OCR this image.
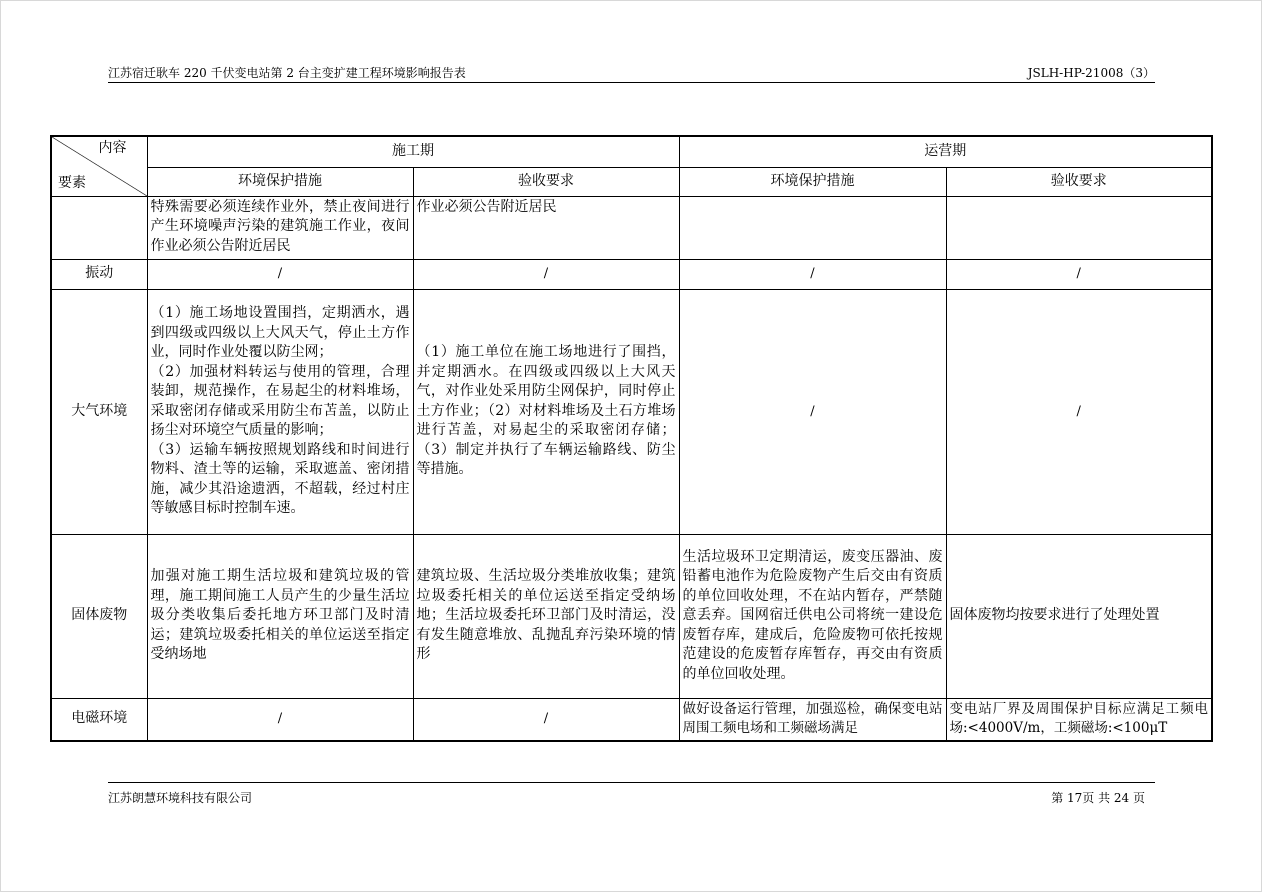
江苏宿迁耿车 220 千伏变电站第 2 台主变扩建工程环境影响报告表	JSLH-HP-21008（3）
内容
要素	施工期		运营期	
	环境保护措施	验收要求	环境保护措施	验收要求
	特殊需要必须连续作业外，禁止夜间进行产生环境噪声污染的建筑施工作业，夜间作业必须公告附近居民	作业必须公告附近居民		
振动	/	/	/	/
大气环境	（1）施工场地设置围挡，定期洒水，遇到四级或四级以上大风天气，停止土方作业，同时作业处覆以防尘网；
（2）加强材料转运与使用的管理，合理装卸，规范操作，在易起尘的材料堆场，采取密闭存储或采用防尘布苫盖，以防止扬尘对环境空气质量的影响；
（3）运输车辆按照规划路线和时间进行物料、渣土等的运输，采取遮盖、密闭措施，减少其沿途遗洒，不超载，经过村庄等敏感目标时控制车速。	（1）施工单位在施工场地进行了围挡，并定期洒水。在四级或四级以上大风天气，对作业处采用防尘网保护，同时停止土方作业；（2）对材料堆场及土石方堆场进行苫盖，对易起尘的采取密闭存储；（3）制定并执行了车辆运输路线、防尘等措施。	/	/
固体废物	加强对施工期生活垃圾和建筑垃圾的管理，施工期间施工人员产生的少量生活垃圾分类收集后委托地方环卫部门及时清运；建筑垃圾委托相关的单位运送至指定受纳场地	建筑垃圾、生活垃圾分类堆放收集；建筑垃圾委托相关的单位运送至指定受纳场地；生活垃圾委托环卫部门及时清运，没有发生随意堆放、乱抛乱弃污染环境的情形	生活垃圾环卫定期清运，废变压器油、废铅蓄电池作为危险废物产生后交由有资质的单位回收处理，不在站内暂存，严禁随意丢弃。国网宿迁供电公司将统一建设危废暂存库，建成后，危险废物可依托按规范建设的危废暂存库暂存，再交由有资质的单位回收处理。	固体废物均按要求进行了处理处置
电磁环境	/	/	做好设备运行管理，加强巡检，确保变电站周围工频电场和工频磁场满足	变电站厂界及周围保护目标应满足工频电场:<4000V/m，工频磁场:<100μT
江苏朗慧环境科技有限公司	第 17页 共 24 页
